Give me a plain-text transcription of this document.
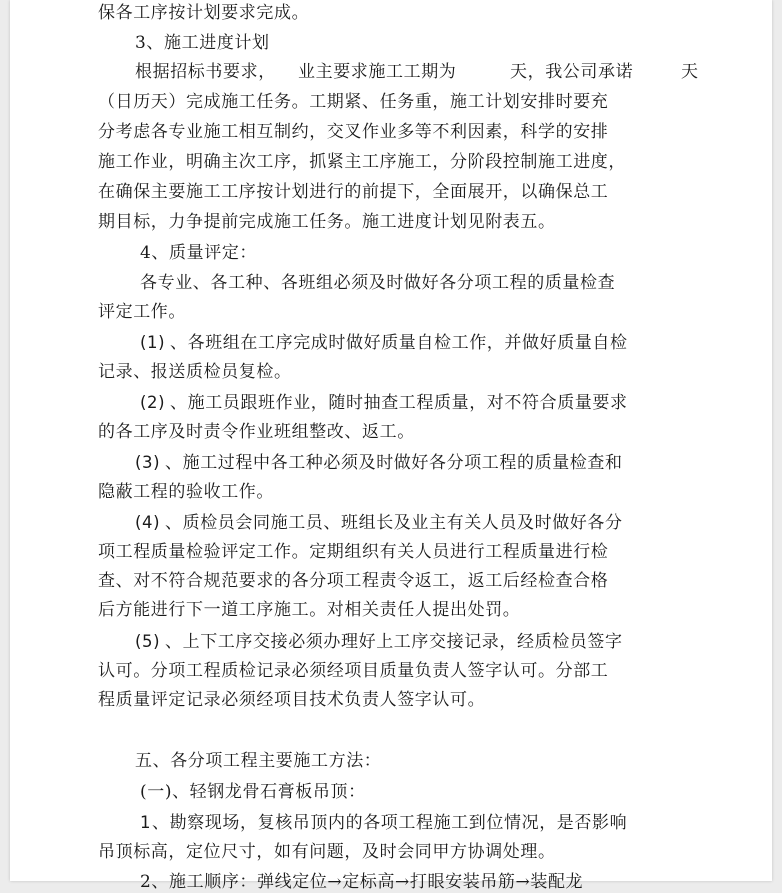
保各工序按计划要求完成。
3、施工进度计划
根据招标书要求， 业主要求施工工期为	天，我公司承诺	天
（日历天）完成施工任务。工期紧、任务重，施工计划安排时要充
分考虑各专业施工相互制约，交叉作业多等不利因素，科学的安排
施工作业，明确主次工序，抓紧主工序施工，分阶段控制施工进度，
在确保主要施工工序按计划进行的前提下，全面展开，以确保总工
期目标，力争提前完成施工任务。施工进度计划见附表五。
4、质量评定：
各专业、各工种、各班组必须及时做好各分项工程的质量检查
评定工作。
(1) 、各班组在工序完成时做好质量自检工作，并做好质量自检
记录、报送质检员复检。
(2) 、施工员跟班作业，随时抽查工程质量，对不符合质量要求
的各工序及时责令作业班组整改、返工。
(3) 、施工过程中各工种必须及时做好各分项工程的质量检查和
隐蔽工程的验收工作。
(4) 、质检员会同施工员、班组长及业主有关人员及时做好各分
项工程质量检验评定工作。定期组织有关人员进行工程质量进行检
查、对不符合规范要求的各分项工程责令返工，返工后经检查合格
后方能进行下一道工序施工。对相关责任人提出处罚。
(5) 、上下工序交接必须办理好上工序交接记录，经质检员签字
认可。分项工程质检记录必须经项目质量负责人签字认可。分部工
程质量评定记录必须经项目技术负责人签字认可。
五、各分项工程主要施工方法：
(一)、轻钢龙骨石膏板吊顶：
1 、勘察现场，复核吊顶内的各项工程施工到位情况，是否影响
吊顶标高，定位尺寸，如有问题，及时会同甲方协调处理。
2、施工顺序：弹线定位→定标高→打眼安装吊筋→装配龙
